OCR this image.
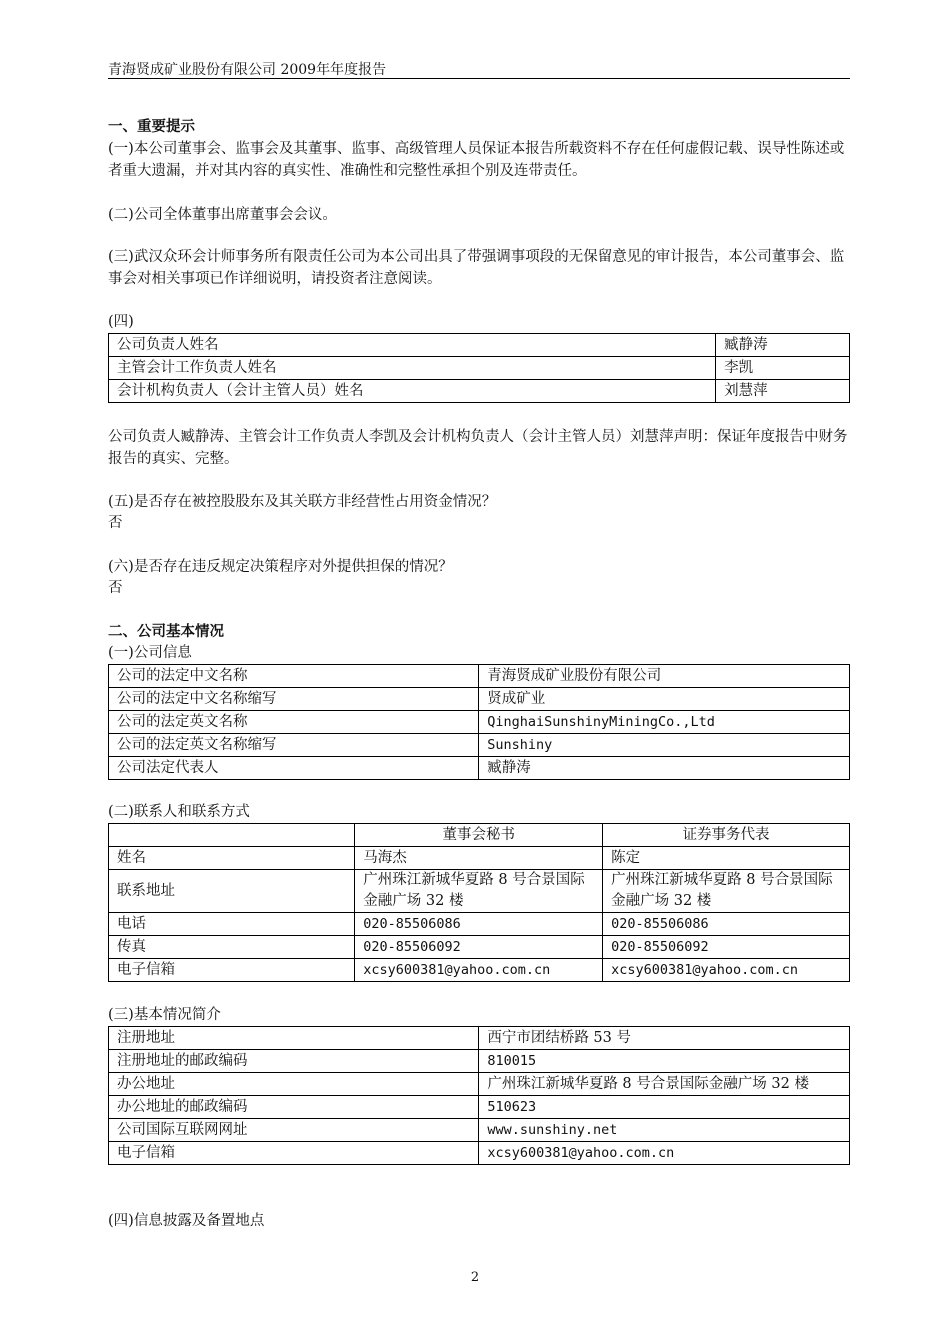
青海贤成矿业股份有限公司 2009年年度报告
一、重要提示
(一)本公司董事会、监事会及其董事、监事、高级管理人员保证本报告所载资料不存在任何虚假记载、误导性陈述或者重大遗漏，并对其内容的真实性、准确性和完整性承担个别及连带责任。
(二)公司全体董事出席董事会会议。
(三)武汉众环会计师事务所有限责任公司为本公司出具了带强调事项段的无保留意见的审计报告，本公司董事会、监事会对相关事项已作详细说明，请投资者注意阅读。
(四)
公司负责人姓名	臧静涛
主管会计工作负责人姓名	李凯
会计机构负责人（会计主管人员）姓名	刘慧萍
公司负责人臧静涛、主管会计工作负责人李凯及会计机构负责人（会计主管人员）刘慧萍声明：保证年度报告中财务报告的真实、完整。
(五)是否存在被控股股东及其关联方非经营性占用资金情况？
否
(六)是否存在违反规定决策程序对外提供担保的情况？
否
二、公司基本情况
(一)公司信息
公司的法定中文名称	青海贤成矿业股份有限公司
公司的法定中文名称缩写	贤成矿业
公司的法定英文名称	QinghaiSunshinyMiningCo.,Ltd
公司的法定英文名称缩写	Sunshiny
公司法定代表人	臧静涛
(二)联系人和联系方式
	董事会秘书	证券事务代表
姓名	马海杰	陈定
联系地址	广州珠江新城华夏路 8 号合景国际金融广场 32 楼	广州珠江新城华夏路 8 号合景国际金融广场 32 楼
电话	020-85506086	020-85506086
传真	020-85506092	020-85506092
电子信箱	xcsy600381@yahoo.com.cn	xcsy600381@yahoo.com.cn
(三)基本情况简介
注册地址	西宁市团结桥路 53 号
注册地址的邮政编码	810015
办公地址	广州珠江新城华夏路 8 号合景国际金融广场 32 楼
办公地址的邮政编码	510623
公司国际互联网网址	www.sunshiny.net
电子信箱	xcsy600381@yahoo.com.cn
(四)信息披露及备置地点
2
